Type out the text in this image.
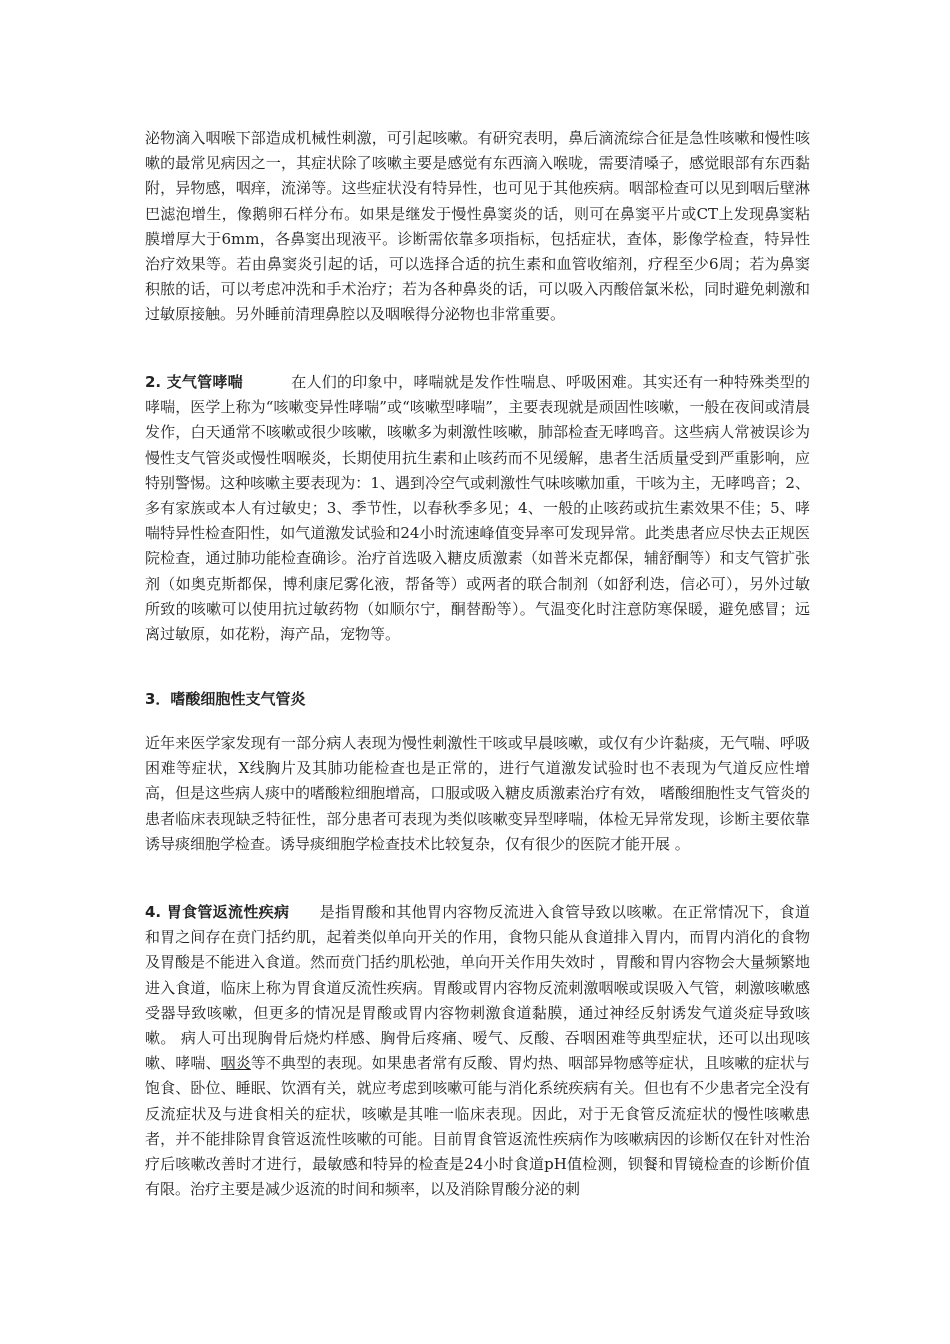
泌物滴入咽喉下部造成机械性刺激，可引起咳嗽。有研究表明，鼻后滴流综合征是急性咳嗽和慢性咳嗽的最常见病因之一，其症状除了咳嗽主要是感觉有东西滴入喉咙，需要清嗓子，感觉眼部有东西黏附，异物感，咽痒，流涕等。这些症状没有特异性，也可见于其他疾病。咽部检查可以见到咽后壁淋巴滤泡增生，像鹅卵石样分布。如果是继发于慢性鼻窦炎的话，则可在鼻窦平片或CT上发现鼻窦粘膜增厚大于6mm，各鼻窦出现液平。诊断需依靠多项指标，包括症状，查体，影像学检查，特异性治疗效果等。若由鼻窦炎引起的话，可以选择合适的抗生素和血管收缩剂，疗程至少6周；若为鼻窦积脓的话，可以考虑冲洗和手术治疗；若为各种鼻炎的话，可以吸入丙酸倍氯米松，同时避免刺激和过敏原接触。另外睡前清理鼻腔以及咽喉得分泌物也非常重要。

2. 支气管哮喘	在人们的印象中，哮喘就是发作性喘息、呼吸困难。其实还有一种特殊类型的哮喘，医学上称为“咳嗽变异性哮喘”或“咳嗽型哮喘”，主要表现就是顽固性咳嗽，一般在夜间或清晨发作，白天通常不咳嗽或很少咳嗽，咳嗽多为刺激性咳嗽，肺部检查无哮鸣音。这些病人常被误诊为慢性支气管炎或慢性咽喉炎，长期使用抗生素和止咳药而不见缓解，患者生活质量受到严重影响，应特别警惕。这种咳嗽主要表现为：1、遇到冷空气或刺激性气味咳嗽加重，干咳为主，无哮鸣音；2、多有家族或本人有过敏史；3、季节性，以春秋季多见；4、一般的止咳药或抗生素效果不佳；5、哮喘特异性检查阳性，如气道激发试验和24小时流速峰值变异率可发现异常。此类患者应尽快去正规医院检查，通过肺功能检查确诊。治疗首选吸入糖皮质激素（如普米克都保，辅舒酮等）和支气管扩张剂（如奥克斯都保，博利康尼雾化液，帮备等）或两者的联合制剂（如舒利迭，信必可），另外过敏所致的咳嗽可以使用抗过敏药物（如顺尔宁，酮替酚等）。气温变化时注意防寒保暖，避免感冒；远离过敏原，如花粉，海产品，宠物等。

3．嗜酸细胞性支气管炎

近年来医学家发现有一部分病人表现为慢性刺激性干咳或早晨咳嗽，或仅有少许黏痰，无气喘、呼吸困难等症状，X线胸片及其肺功能检查也是正常的，进行气道激发试验时也不表现为气道反应性增高，但是这些病人痰中的嗜酸粒细胞增高，口服或吸入糖皮质激素治疗有效， 嗜酸细胞性支气管炎的患者临床表现缺乏特征性，部分患者可表现为类似咳嗽变异型哮喘，体检无异常发现，诊断主要依靠诱导痰细胞学检查。诱导痰细胞学检查技术比较复杂，仅有很少的医院才能开展 。

4. 胃食管返流性疾病 是指胃酸和其他胃内容物反流进入食管导致以咳嗽。在正常情况下，食道和胃之间存在贲门括约肌，起着类似单向开关的作用，食物只能从食道排入胃内，而胃内消化的食物及胃酸是不能进入食道。然而贲门括约肌松弛，单向开关作用失效时 ，胃酸和胃内容物会大量频繁地进入食道，临床上称为胃食道反流性疾病。胃酸或胃内容物反流刺激咽喉或误吸入气管，刺激咳嗽感受器导致咳嗽，但更多的情况是胃酸或胃内容物刺激食道黏膜，通过神经反射诱发气道炎症导致咳嗽。 病人可出现胸骨后烧灼样感、胸骨后疼痛、嗳气、反酸、吞咽困难等典型症状，还可以出现咳嗽、哮喘、咽炎等不典型的表现。如果患者常有反酸、胃灼热、咽部异物感等症状，且咳嗽的症状与饱食、卧位、睡眠、饮酒有关，就应考虑到咳嗽可能与消化系统疾病有关。但也有不少患者完全没有反流症状及与进食相关的症状，咳嗽是其唯一临床表现。因此，对于无食管反流症状的慢性咳嗽患者，并不能排除胃食管返流性咳嗽的可能。目前胃食管返流性疾病作为咳嗽病因的诊断仅在针对性治疗后咳嗽改善时才进行，最敏感和特异的检查是24小时食道pH值检测，钡餐和胃镜检查的诊断价值有限。治疗主要是减少返流的时间和频率，以及消除胃酸分泌的刺
